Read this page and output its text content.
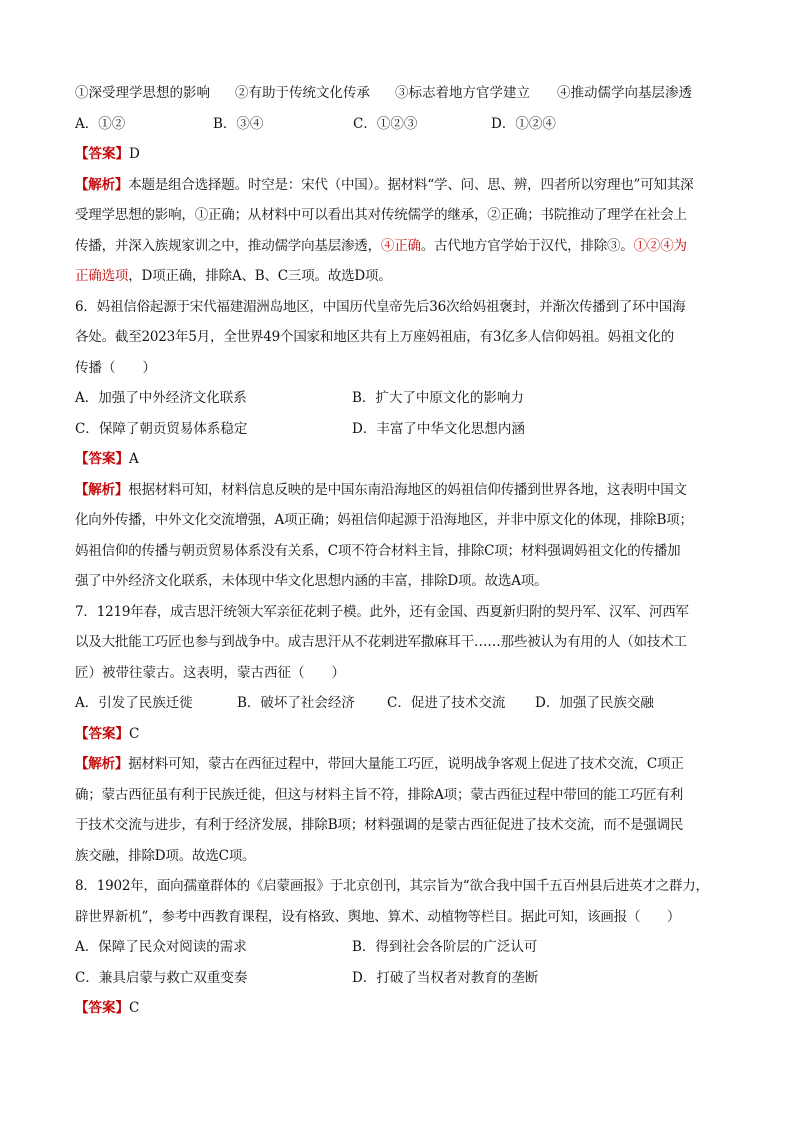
①深受理学思想的影响 ②有助于传统文化传承 ③标志着地方官学建立 ④推动儒学向基层渗透
A．①②	B．③④	C．①②③	D．①②④
【答案】D
【解析】本题是组合选择题。时空是：宋代（中国）。据材料“学、问、思、辨，四者所以穷理也”可知其深
受理学思想的影响，①正确；从材料中可以看出其对传统儒学的继承，②正确；书院推动了理学在社会上
传播，并深入族规家训之中，推动儒学向基层渗透，④正确。古代地方官学始于汉代，排除③。①②④为
正确选项，D项正确，排除A、B、C三项。故选D项。
6．妈祖信俗起源于宋代福建湄洲岛地区，中国历代皇帝先后36次给妈祖褒封，并渐次传播到了环中国海
各处。截至2023年5月，全世界49个国家和地区共有上万座妈祖庙，有3亿多人信仰妈祖。妈祖文化的
传播（　　）
A．加强了中外经济文化联系	B．扩大了中原文化的影响力
C．保障了朝贡贸易体系稳定	D．丰富了中华文化思想内涵
【答案】A
【解析】根据材料可知，材料信息反映的是中国东南沿海地区的妈祖信仰传播到世界各地，这表明中国文
化向外传播，中外文化交流增强，A项正确；妈祖信仰起源于沿海地区，并非中原文化的体现，排除B项；
妈祖信仰的传播与朝贡贸易体系没有关系，C项不符合材料主旨，排除C项；材料强调妈祖文化的传播加
强了中外经济文化联系，未体现中华文化思想内涵的丰富，排除D项。故选A项。
7．1219年春，成吉思汗统领大军亲征花剌子模。此外，还有金国、西夏新归附的契丹军、汉军、河西军
以及大批能工巧匠也参与到战争中。成吉思汗从不花剌进军撒麻耳干……那些被认为有用的人（如技术工
匠）被带往蒙古。这表明，蒙古西征（　　）
A．引发了民族迁徙	B．破坏了社会经济 C．促进了技术交流 D．加强了民族交融
【答案】C
【解析】据材料可知，蒙古在西征过程中，带回大量能工巧匠，说明战争客观上促进了技术交流，C项正
确；蒙古西征虽有利于民族迁徙，但这与材料主旨不符，排除A项；蒙古西征过程中带回的能工巧匠有利
于技术交流与进步，有利于经济发展，排除B项；材料强调的是蒙古西征促进了技术交流，而不是强调民
族交融，排除D项。故选C项。
8．1902年，面向孺童群体的《启蒙画报》于北京创刊，其宗旨为“欲合我中国千五百州县后进英才之群力，
辟世界新机”，参考中西教育课程，设有格致、舆地、算术、动植物等栏目。据此可知，该画报（　　）
A．保障了民众对阅读的需求	B．得到社会各阶层的广泛认可
C．兼具启蒙与救亡双重变奏	D．打破了当权者对教育的垄断
【答案】C
